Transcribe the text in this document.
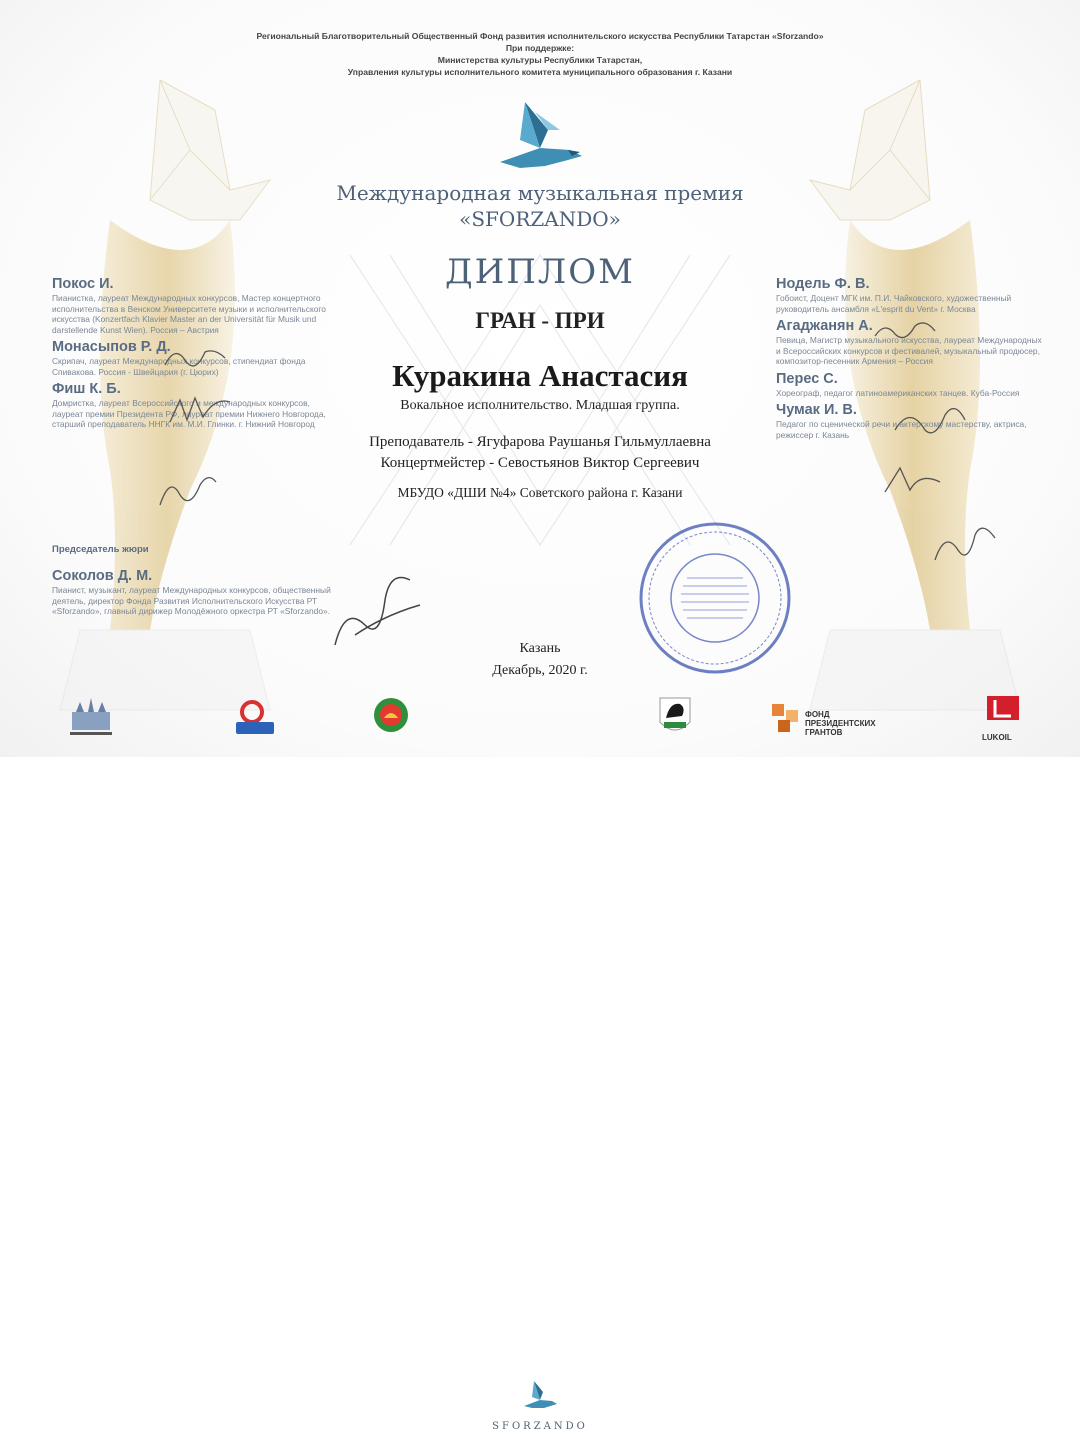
Региональный Благотворительный Общественный Фонд развития исполнительского искусства Республики Татарстан «Sforzando»
При поддержке:
Министерства культуры Республики Татарстан,
Управления культуры исполнительного комитета муниципального образования г. Казани
Международная музыкальная премия
«SFORZANDO»
ДИПЛОМ
ГРАН - ПРИ
Куракина Анастасия
Вокальное исполнительство. Младшая группа.
Преподаватель - Ягуфарова Раушанья Гильмуллаевна
Концертмейстер - Севостьянов Виктор Сергеевич
МБУДО «ДШИ №4» Советского района г. Казани
Покос И.
Пианистка, лауреат Международных конкурсов, Мастер концертного исполнительства в Венском Университете музыки и исполнительского искусства (Konzertfach Klavier Master an der Universität für Musik und darstellende Kunst Wien). Россия – Австрия
Монасыпов Р. Д.
Скрипач, лауреат Международных конкурсов, стипендиат фонда Спивакова. Россия - Швейцария (г. Цюрих)
Фиш К. Б.
Домристка, лауреат Всероссийского и международных конкурсов, лауреат премии Президента РФ, лауреат премии Нижнего Новгорода, старший преподаватель ННГК им. М.И. Глинки. г. Нижний Новгород
Председатель жюри
Соколов Д. М.
Пианист, музыкант, лауреат Международных конкурсов, общественный деятель, директор Фонда Развития Исполнительского Искусства РТ «Sforzando», главный дирижер Молодёжного оркестра РТ «Sforzando».
Нодель Ф. В.
Гобоист, Доцент МГК им. П.И. Чайковского, художественный руководитель ансамбля «L'esprit du Vent» г. Москва
Агаджанян А.
Певица, Магистр музыкального искусства, лауреат Международных и Всероссийских конкурсов и фестивалей, музыкальный продюсер, композитор-песенник Армения – Россия
Перес С.
Хореограф, педагог латиноамериканских танцев. Куба-Россия
Чумак И. В.
Педагог по сценической речи и актерскому мастерству, актриса, режиссер г. Казань
Казань
Декабрь, 2020 г.
SFORZANDO
ФОНД
ПРЕЗИДЕНТСКИХ
ГРАНТОВ
LUKOIL
